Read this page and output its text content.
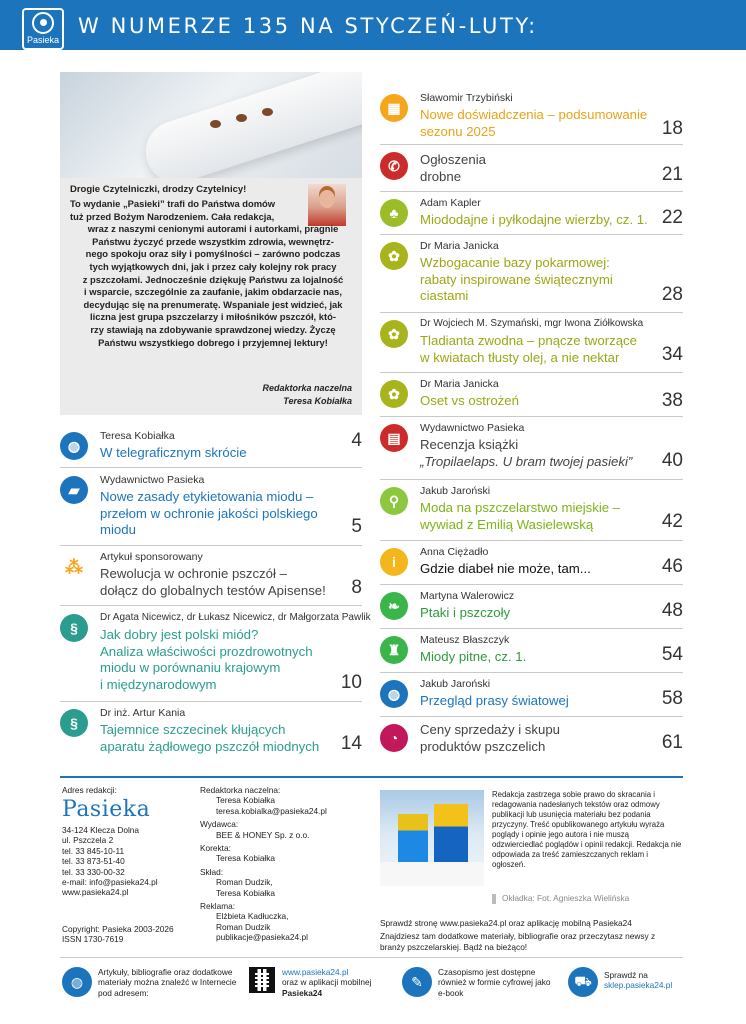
Pasieka
W NUMERZE 135 NA STYCZEŃ-LUTY:
Drogie Czytelniczki, drodzy Czytelnicy!
To wydanie „Pasieki” trafi do Państwa domów
tuż przed Bożym Narodzeniem. Cała redakcja,
wraz z naszymi cenionymi autorami i autorkami, pragnie
Państwu życzyć przede wszystkim zdrowia, wewnętrz-
nego spokoju oraz siły i pomyślności – zarówno podczas
tych wyjątkowych dni, jak i przez cały kolejny rok pracy
z pszczołami. Jednocześnie dziękuję Państwu za lojalność
i wsparcie, szczególnie za zaufanie, jakim obdarzacie nas,
decydując się na prenumeratę. Wspaniale jest widzieć, jak
liczna jest grupa pszczelarzy i miłośników pszczół, któ-
rzy stawiają na zdobywanie sprawdzonej wiedzy. Życzę
Państwu wszystkiego dobrego i przyjemnej lektury!
Redaktorka naczelna
Teresa Kobiałka
◍
Teresa Kobiałka
W telegraficznym skrócie
4
▰
Wydawnictwo Pasieka
Nowe zasady etykietowania miodu –
przełom w ochronie jakości polskiego
miodu	5
⁂	Artykuł sponsorowany
Rewolucja w ochronie pszczół –
dołącz do globalnych testów Apisense! 8
§
Dr Agata Nicewicz, dr Łukasz Nicewicz, dr Małgorzata Pawlik
Jak dobry jest polski miód?
Analiza właściwości prozdrowotnych
miodu w porównaniu krajowym
i międzynarodowym	10
§
Dr inż. Artur Kania
Tajemnice szczecinek kłujących
aparatu żądłowego pszczół miodnych 14
▦
Sławomir Trzybiński
Nowe doświadczenia – podsumowanie
sezonu 2025	18
✆	Ogłoszenia
drobne	21
♣
Adam Kapler
Miododajne i pyłkodajne wierzby, cz. 1. 22
✿
Dr Maria Janicka
Wzbogacanie bazy pokarmowej:
rabaty inspirowane świątecznymi
ciastami	28
✿
Dr Wojciech M. Szymański, mgr Iwona Ziółkowska
Tladianta zwodna – pnącze tworzące
w kwiatach tłusty olej, a nie nektar	34
✿
Dr Maria Janicka
Oset vs ostrożeń	38
▤
Wydawnictwo Pasieka
Recenzja książki
„Tropilaelaps. U bram twojej pasieki” 40
⚲
Jakub Jaroński
Moda na pszczelarstwo miejskie –
wywiad z Emilią Wasielewską	42
i
Anna Ciężadło
Gdzie diabeł nie może, tam...	46
❧
Martyna Walerowicz
Ptaki i pszczoły	48
♜
Mateusz Błaszczyk
Miody pitne, cz. 1.	54
◍
Jakub Jaroński
Przegląd prasy światowej	58
◔
Ceny sprzedaży i skupu
produktów pszczelich	61
Adres redakcji:
Pasieka
34-124 Klecza Dolna
ul. Pszczela 2
tel. 33 845-10-11
tel. 33 873-51-40
tel. 33 330-00-32
e-mail: info@pasieka24.pl
www.pasieka24.pl
Copyright: Pasieka 2003-2026
ISSN 1730-7619
Redaktorka naczelna:
Teresa Kobiałka
teresa.kobialka@pasieka24.pl
Wydawca:
BEE & HONEY Sp. z o.o.
Korekta:
Teresa Kobiałka
Skład:
Roman Dudzik,
Teresa Kobiałka
Reklama:
Elżbieta Kadłuczka,
Roman Dudzik
publikacje@pasieka24.pl
Redakcja zastrzega sobie prawo do skracania i redagowania nadesłanych tekstów oraz odmowy publikacji lub usunięcia materiału bez podania przyczyny. Treść opublikowanego artykułu wyraża poglądy i opinie jego autora i nie muszą odzwierciedlać poglądów i opinii redakcji. Redakcja nie odpowiada za treść zamieszczanych reklam i ogłoszeń.
Okładka: Fot. Agnieszka Wielińska
Sprawdź stronę www.pasieka24.pl oraz aplikację mobilną Pasieka24
Znajdziesz tam dodatkowe materiały, bibliografie oraz przeczytasz newsy z branży pszczelarskiej. Bądź na bieżąco!
◍
Artykuły, bibliografie oraz dodatkowe materiały można znaleźć w Internecie pod adresem:
www.pasieka24.pl
oraz w aplikacji mobilnej
Pasieka24
✎
Czasopismo jest dostępne również w formie cyfrowej jako e-book
⛟	Sprawdź na
sklep.pasieka24.pl
